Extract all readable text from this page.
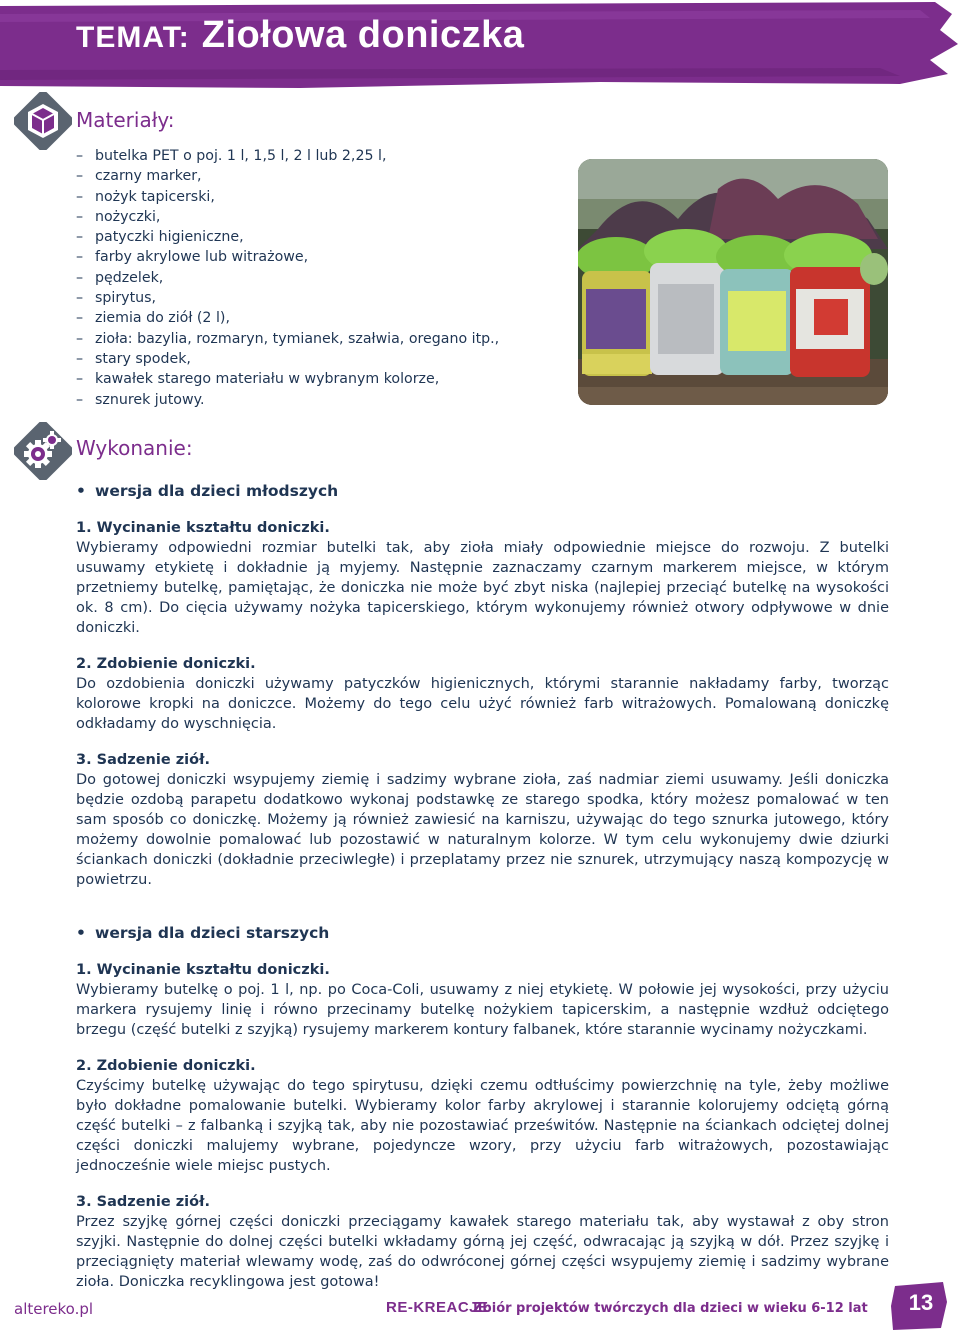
TEMAT: Ziołowa doniczka
Materiały:
– butelka PET o poj. 1 l, 1,5 l, 2 l lub 2,25 l,
– czarny marker,
– nożyk tapicerski,
– nożyczki,
– patyczki higieniczne,
– farby akrylowe lub witrażowe,
– pędzelek,
– spirytus,
– ziemia do ziół (2 l),
– zioła: bazylia, rozmaryn, tymianek, szałwia, oregano itp.,
– stary spodek,
– kawałek starego materiału w wybranym kolorze,
– sznurek jutowy.
Wykonanie:
• wersja dla dzieci młodszych
1. Wycinanie kształtu doniczki.

Wybieramy odpowiedni rozmiar butelki tak, aby zioła miały odpowiednie miejsce do rozwoju. Z butelki usuwamy etykietę i dokładnie ją myjemy. Następnie zaznaczamy czarnym markerem miejsce, w którym przetniemy butelkę, pamiętając, że doniczka nie może być zbyt niska (najlepiej przeciąć butelkę na wysokości ok. 8 cm). Do cięcia używamy nożyka tapicerskiego, którym wykonujemy również otwory odpływowe w dnie doniczki.

2. Zdobienie doniczki.

Do ozdobienia doniczki używamy patyczków higienicznych, którymi starannie nakładamy farby, tworząc kolorowe kropki na doniczce. Możemy do tego celu użyć również farb witrażowych. Pomalowaną doniczkę odkładamy do wyschnięcia.

3. Sadzenie ziół.

Do gotowej doniczki wsypujemy ziemię i sadzimy wybrane zioła, zaś nadmiar ziemi usuwamy. Jeśli doniczka będzie ozdobą parapetu dodatkowo wykonaj podstawkę ze starego spodka, który możesz pomalować w ten sam sposób co doniczkę. Możemy ją również zawiesić na karniszu, używając do tego sznurka jutowego, który możemy dowolnie pomalować lub pozostawić w naturalnym kolorze. W tym celu wykonujemy dwie dziurki ściankach doniczki (dokładnie przeciwległe) i przeplatamy przez nie sznurek, utrzymujący naszą kompozycję w powietrzu.

• wersja dla dzieci starszych
1. Wycinanie kształtu doniczki.

Wybieramy butelkę o poj. 1 l, np. po Coca-Coli, usuwamy z niej etykietę. W połowie jej wysokości, przy użyciu markera rysujemy linię i równo przecinamy butelkę nożykiem tapicerskim, a następnie wzdłuż odciętego brzegu (część butelki z szyjką) rysujemy markerem kontury falbanek, które starannie wycinamy nożyczkami.

2. Zdobienie doniczki.

Czyścimy butelkę używając do tego spirytusu, dzięki czemu odtłuścimy powierzchnię na tyle, żeby możliwe było dokładne pomalowanie butelki. Wybieramy kolor farby akrylowej i starannie kolorujemy odciętą górną część butelki – z falbanką i szyjką tak, aby nie pozostawiać prześwitów. Następnie na ściankach odciętej dolnej części doniczki malujemy wybrane, pojedyncze wzory, przy użyciu farb witrażowych, pozostawiając jednocześnie wiele miejsc pustych.

3. Sadzenie ziół.

Przez szyjkę górnej części doniczki przeciągamy kawałek starego materiału tak, aby wystawał z oby stron szyjki. Następnie do dolnej części butelki wkładamy górną jej część, odwracając ją szyjką w dół. Przez szyjkę i przeciągnięty materiał wlewamy wodę, zaś do odwróconej górnej części wsypujemy ziemię i sadzimy wybrane zioła. Doniczka recyklingowa jest gotowa!

altereko.pl	RE-KREACJE
Zbiór projektów twórczych dla dzieci w wieku 6-12 lat	13
